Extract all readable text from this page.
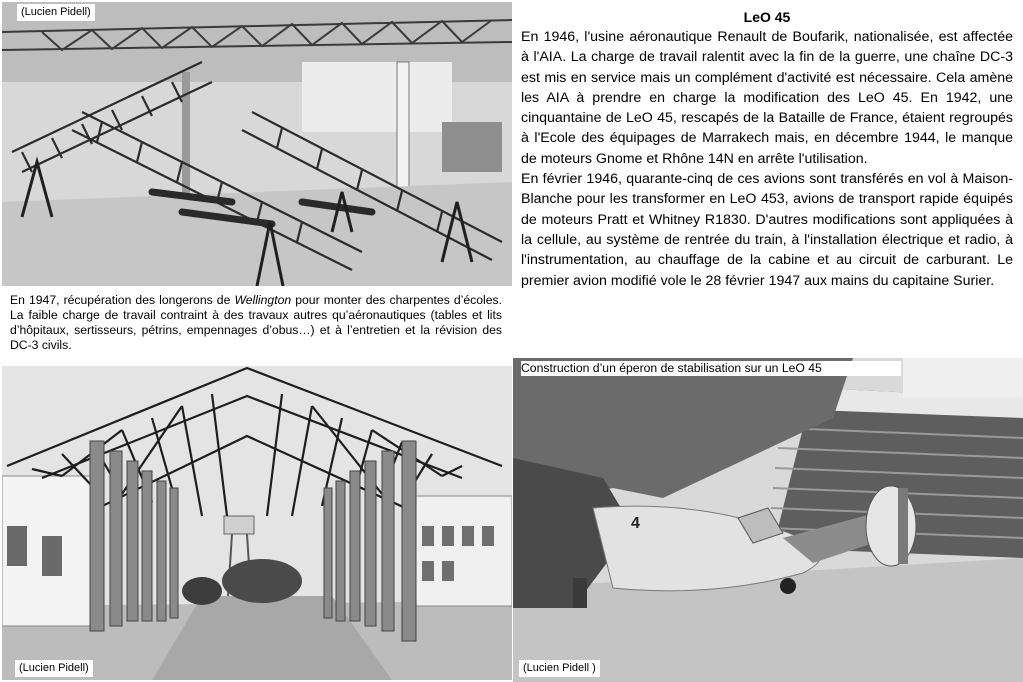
(Lucien Pidell)
En 1947, récupération des longerons de Wellington pour monter des charpentes d’écoles. La faible charge de travail contraint à des travaux autres qu’aéronautiques (tables et lits d’hôpitaux, sertisseurs, pétrins, empennages d’obus…) et à l’entretien et la révision des DC-3 civils.
(Lucien Pidell)
LeO 45

En 1946, l'usine aéronautique Renault de Boufarik, nationalisée, est affectée à l'AIA. La charge de travail ralentit avec la fin de la guerre, une chaîne DC-3 est mis en service mais un complément d'activité est nécessaire. Cela amène les AIA à prendre en charge la modification des LeO 45. En 1942, une cinquantaine de LeO 45, rescapés de la Bataille de France, étaient regroupés à l'Ecole des équipages de Marrakech mais, en décembre 1944, le manque de moteurs Gnome et Rhône 14N en arrête l'utilisation.

En février 1946, quarante-cinq de ces avions sont transférés en vol à Maison-Blanche pour les transformer en LeO 453, avions de transport rapide équipés de moteurs Pratt et Whitney R1830. D'autres modifications sont appliquées à la cellule, au système de rentrée du train, à l'installation électrique et radio, à l'instrumentation, au chauffage de la cabine et au circuit de carburant. Le premier avion modifié vole le 28 février 1947 aux mains du capitaine Surier.

4
(Lucien Pidell )
Construction d’un éperon de stabilisation sur un LeO 45
